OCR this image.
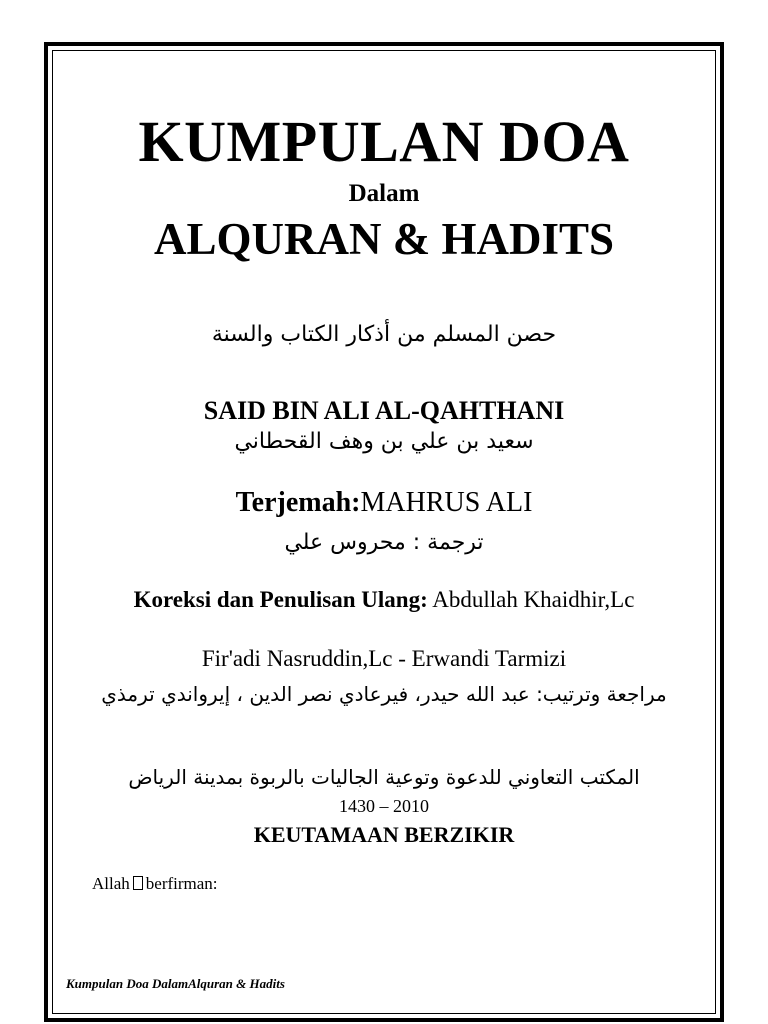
KUMPULAN DOA
Dalam
ALQURAN & HADITS
حصن المسلم من أذكار الكتاب والسنة
SAID BIN ALI AL-QAHTHANI
سعيد بن علي بن وهف القحطاني
Terjemah:MAHRUS ALI
ترجمة : محروس علي
Koreksi dan Penulisan Ulang: Abdullah Khaidhir,Lc
Fir'adi Nasruddin,Lc - Erwandi Tarmizi
مراجعة وترتيب: عبد الله حيدر، فيرعادي نصر الدين ، إيرواندي ترمذي
المكتب التعاوني للدعوة وتوعية الجاليات بالربوة بمدينة الرياض
1430 – 2010
KEUTAMAAN BERZIKIR
Allah berfirman:
Kumpulan Doa DalamAlquran & Hadits
